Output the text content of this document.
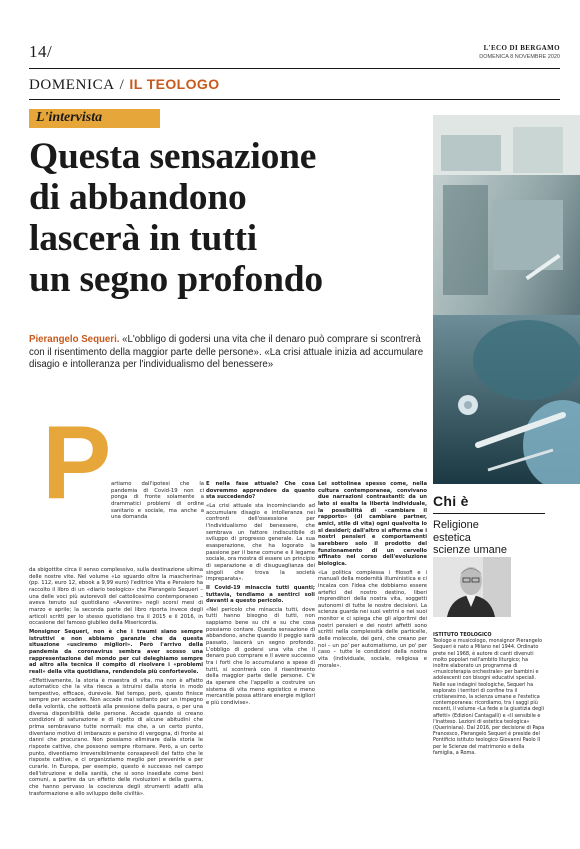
14/	L'ECO DI BERGAMO
DOMENICA 8 NOVEMBRE 2020
DOMENICA / IL TEOLOGO
L'intervista
Questa sensazione
di abbandono
lascerà in tutti
un segno profondo
Pierangelo Sequeri. «L'obbligo di godersi una vita che il denaro può comprare si scontrerà con il risentimento della maggior parte delle persone». «La crisi attuale inizia ad accumulare disagio e intolleranza per l'individualismo del benessere»
P artiamo dall'ipotesi che la pandemia di Covid-19 non ci ponga di fronte solamente a drammatici problemi di ordine sanitario e sociale, ma anche a una domanda

da sbigottite circa il senso complessivo, sulla destinazione ultima delle nostre vite. Nel volume «Lo sguardo oltre la mascherina» (pp. 112, euro 12, ebook a 9,99 euro) l'editrice Vita e Pensiero ha raccolto il libro di un «diario teologico» che Pierangelo Sequeri – una delle voci più autorevoli del cattolicesimo contemporaneo – aveva tenuto sul quotidiano «Avvenire» negli scorsi mesi di marzo e aprile; la seconda parte del libro riporta invece degli articoli scritti per lo stesso quotidiano tra il 2015 e il 2016, in occasione del famoso giubileo della Misericordia.

Monsignor Sequeri, non è che i traumi siano sempre istruttivi e non abbiamo garanzie che da questa situazione «usciremo migliori». Però l'arrivo della pandemia da coronavirus sembra aver scosso una rappresentazione del mondo per cui deleghiamo sempre ad altro alla tecnica il compito di risolvere i «problemi reali» della vita quotidiana, rendendola più confortevole.

«Effettivamente, la storia è maestra di vita, ma non è affatto automatico che la vita riesca a istruirsi dalla storia in modo tempestivo, efficace, durevole. Nel tempo, però, questo finisce sempre per accadere. Non accade mai soltanto per un impegno della volontà, che sottostà alla pressione della paura, o per una diversa disponibilità delle persone. Accade quando si creano condizioni di saturazione e di rigetto di alcune abitudini che prima sembravano tutte normali: ma che, a un certo punto, diventano motivo di imbarazzo e persino di vergogna, di fronte ai danni che procurano. Non possiamo eliminare dalla storia le risposte cattive, che possono sempre ritornare. Però, a un certo punto, diventiamo irreversibilmente consapevoli del fatto che le risposte cattive, e ci organizziamo meglio per prevenirle e per curarle. In Europa, per esempio, questo è successo nel campo dell'istruzione e della sanità, che si sono insediate come beni comuni, a partire da un effetto delle rivoluzioni e della guerra, che hanno pervaso la coscienza degli strumenti adatti alla trasformazione e allo sviluppo delle civiltà».

E nella fase attuale? Che cosa dovremmo apprendere da quanto sta succedendo?

«La crisi attuale sta incominciando ad accumulare disagio e intolleranza nei confronti dell'ossessione per l'individualismo del benessere, che sembrava un fattore indiscutibile di sviluppo di progresso generale. La sua esasperazione, che ha logorato la passione per il bene comune e il legame sociale, ora mostra di essere un principio di separazione e di disuguaglianza dei singoli che trova la società impreparata».

Il Covid-19 minaccia tutti quanti; tuttavia, tendiamo a sentirci soli davanti a questo pericolo.

«Nel pericolo che minaccia tutti, dove tutti hanno bisogno di tutti, non sappiamo bene su chi e su che cosa possiamo contare. Questa sensazione di abbandono, anche quando il peggio sarà passato, lascerà un segno profondo. L'obbligo di godersi una vita che il denaro può comprare e il avere successo tra i forti che lo accumulano a spese di tutti, si scontrerà con il risentimento della maggior parte delle persone. C'è da sperare che l'appello a costruire un sistema di vita meno egoistico e meno mercantile possa attirare energie migliori e più condivise».

Lei sottolinea spesso come, nella cultura contemporanea, convivano due narrazioni contrastanti: da un lato si esalta la libertà individuale, la possibilità di «cambiare il rapporto» (di cambiare partner, amici, stile di vita) ogni qualvolta lo si desideri; dall'altro si afferma che i nostri pensieri e comportamenti sarebbero solo il prodotto del funzionamento di un cervello affinato nel corso dell'evoluzione biologica.

«La politica complessa i filosofi e i manuali della modernità illuministica e ci incalza con l'idea che dobbiamo essere artefici del nostro destino, liberi imprenditori della nostra vita, soggetti autonomi di tutte le nostre decisioni. La scienza guarda nei suoi vetrini e nei suoi monitor e ci spiega che gli algoritmi dei nostri pensieri e dei nostri affetti sono scritti nella complessità delle particelle, delle molecole, dei geni, che creano per noi – un po' per automatismo, un po' per caso – tutte le condizioni della nostra vita (individuale, sociale, religiosa e morale».

Chi è
Religione
estetica
scienze umane
ISTITUTO TEOLOGICO
Teologo e musicologo, monsignor Pierangelo Sequeri è nato a Milano nel 1944. Ordinato prete nel 1968, è autore di canti divenuti molto popolari nell'ambito liturgico; ha inoltre elaborato un programma di «musicoterapia orchestrale» per bambini e adolescenti con bisogni educativi speciali. Nelle sue indagini teologiche, Sequeri ha esplorato i territori di confine tra il cristianesimo, la scienza umane e l'estetica contemporanea: ricordiamo, tra i saggi più recenti, il volume «La fede e la giustizia degli affetti» (Edizioni Cantagalli) e «Il sensibile e l'inatteso. Lezioni di estetica teologica» (Queriniana). Dal 2016, per decisione di Papa Francesco, Pierangelo Sequeri è preside del Pontificio istituto teologico Giovanni Paolo II per le Scienze del matrimonio e della famiglia, a Roma.
